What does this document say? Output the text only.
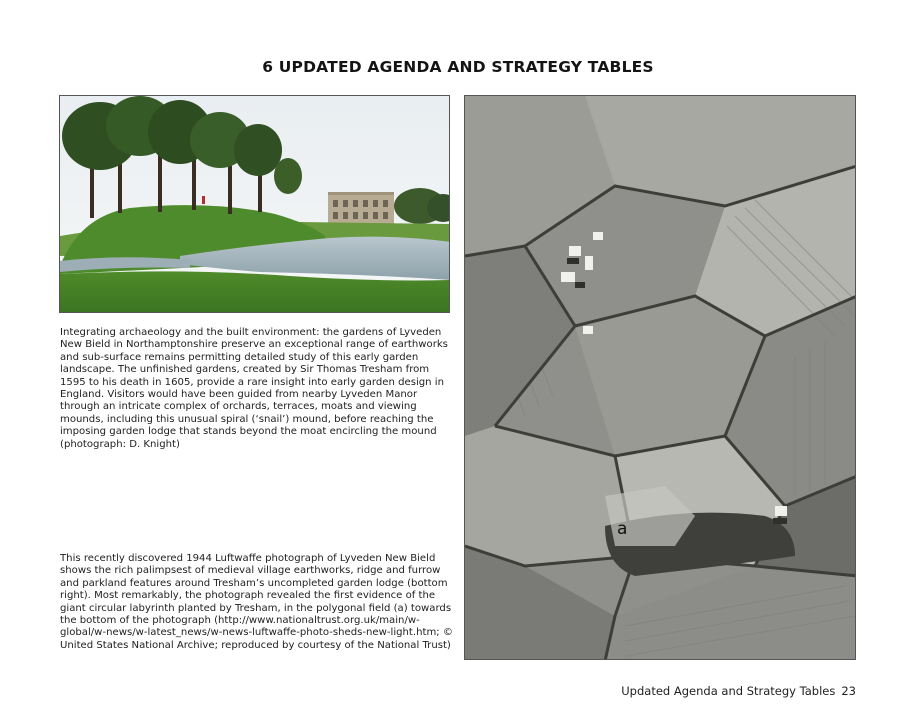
6 UPDATED AGENDA AND STRATEGY TABLES
Integrating archaeology and the built environment: the gardens of Lyveden New Bield in Northamptonshire preserve an exceptional range of earthworks and sub-surface remains permitting detailed study of this early garden landscape. The unfinished gardens, created by Sir Thomas Tresham from 1595 to his death in 1605, provide a rare insight into early garden design in England. Visitors would have been guided from nearby Lyveden Manor through an intricate complex of orchards, terraces, moats and viewing mounds, including this unusual spiral (‘snail’) mound, before reaching the imposing garden lodge that stands beyond the moat encircling the mound (photograph: D. Knight)
a
This recently discovered 1944 Luftwaffe photograph of Lyveden New Bield shows the rich palimpsest of medieval village earthworks, ridge and furrow and parkland features around Tresham’s uncompleted garden lodge (bottom right). Most remarkably, the photograph revealed the first evidence of the giant circular labyrinth planted by Tresham, in the polygonal field (a) towards the bottom of the photograph (http://www.nationaltrust.org.uk/main/w-global/w-news/w-latest_news/w-news-luftwaffe-photo-sheds-new-light.htm; © United States National Archive; reproduced by courtesy of the National Trust)
Updated Agenda and Strategy Tables 23
